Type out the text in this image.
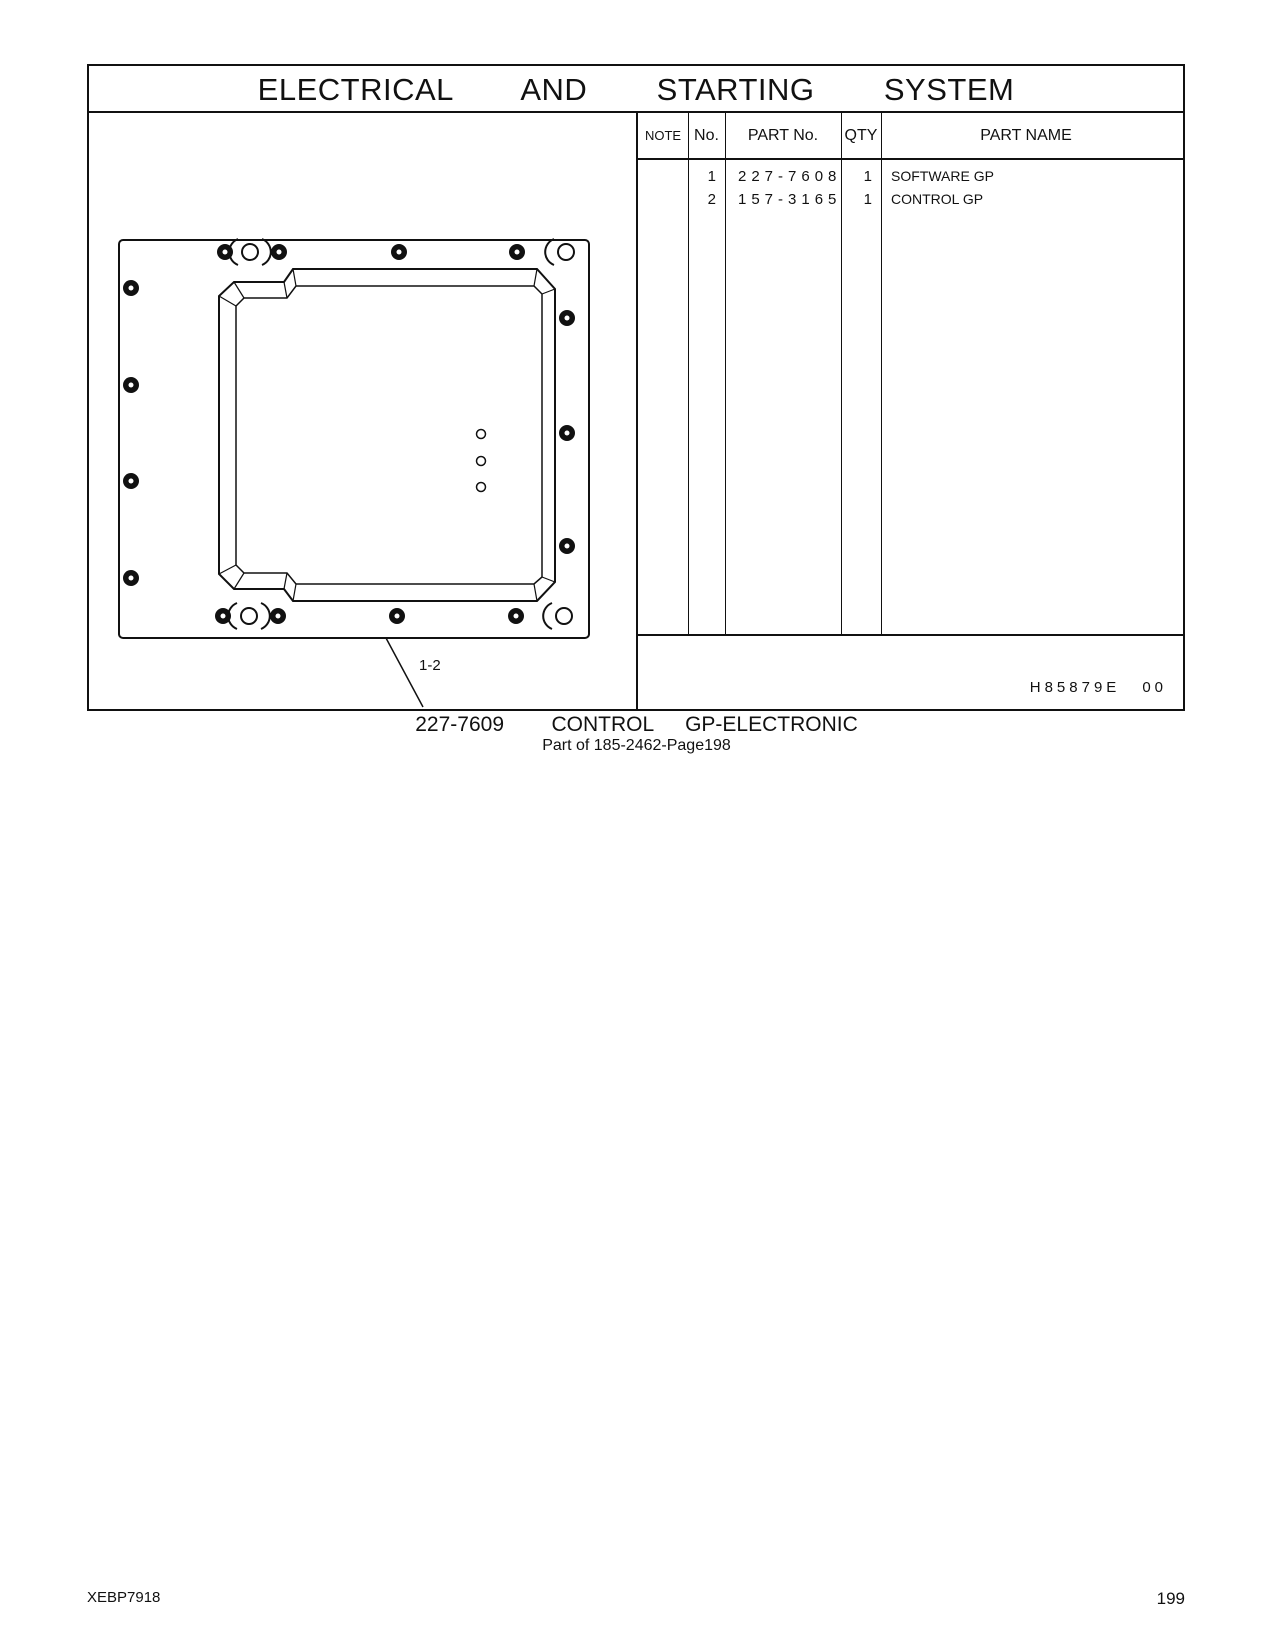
ELECTRICAL   AND   STARTING   SYSTEM
1-2
NOTE No.	PART No.	QTY	PART NAME
1 227-7608	1 SOFTWARE GP
2 157-3165	1 CONTROL GP
H85879E 00
227-7609   CONTROL  GP-ELECTRONIC
Part of 185-2462-Page198
XEBP7918	199
